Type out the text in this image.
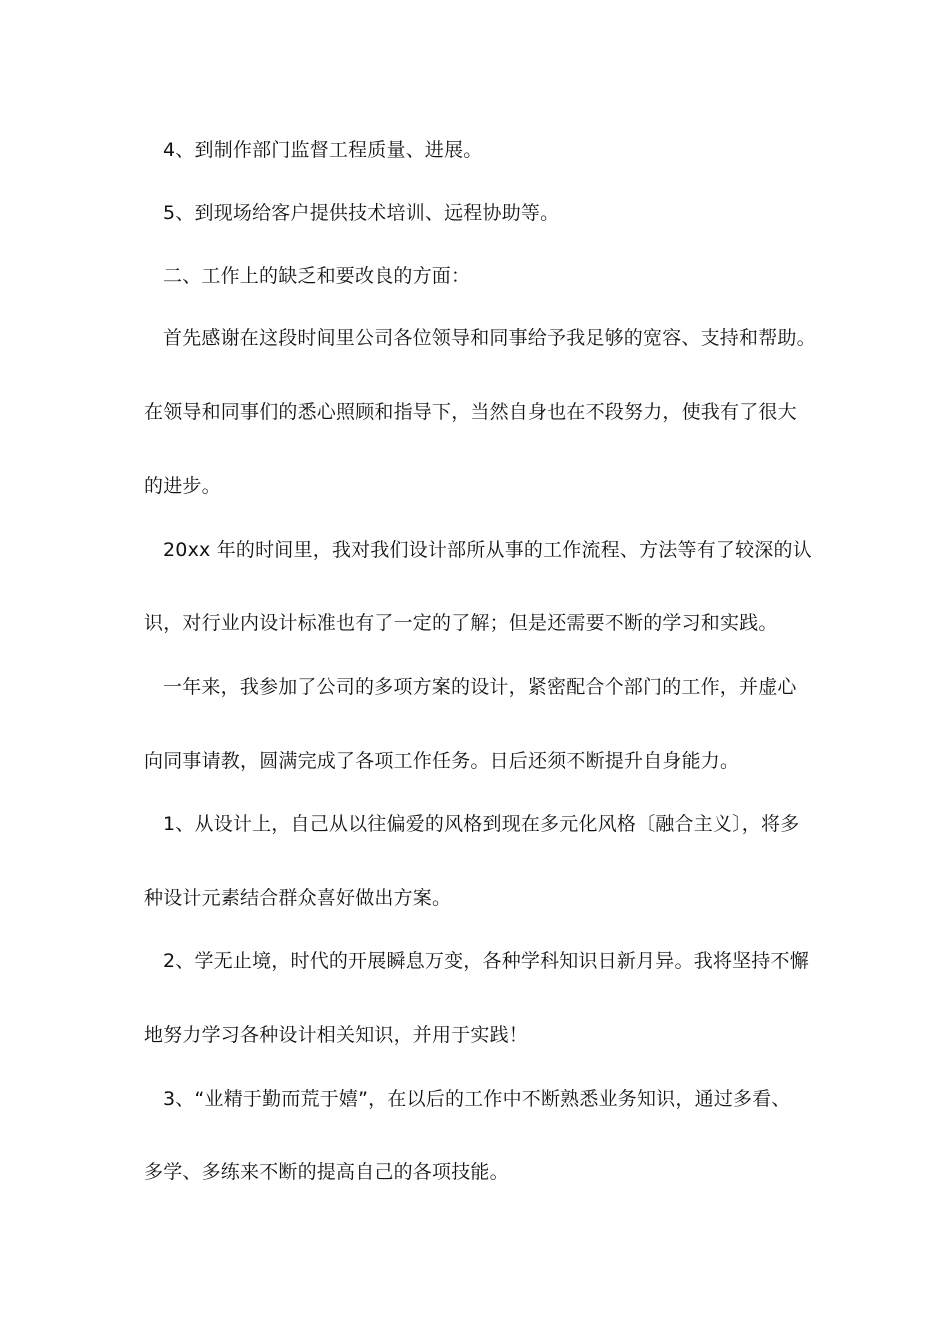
4、到制作部门监督工程质量、进展。
5、到现场给客户提供技术培训、远程协助等。
二、工作上的缺乏和要改良的方面：
首先感谢在这段时间里公司各位领导和同事给予我足够的宽容、支持和帮助。
在领导和同事们的悉心照顾和指导下，当然自身也在不段努力，使我有了很大
的进步。
20xx 年的时间里，我对我们设计部所从事的工作流程、方法等有了较深的认
识，对行业内设计标准也有了一定的了解；但是还需要不断的学习和实践。
一年来，我参加了公司的多项方案的设计，紧密配合个部门的工作，并虚心
向同事请教，圆满完成了各项工作任务。日后还须不断提升自身能力。
1、从设计上，自己从以往偏爱的风格到现在多元化风格〔融合主义〕，将多
种设计元素结合群众喜好做出方案。
2、学无止境，时代的开展瞬息万变，各种学科知识日新月异。我将坚持不懈
地努力学习各种设计相关知识，并用于实践！
3、“业精于勤而荒于嬉”，在以后的工作中不断熟悉业务知识，通过多看、
多学、多练来不断的提高自己的各项技能。
